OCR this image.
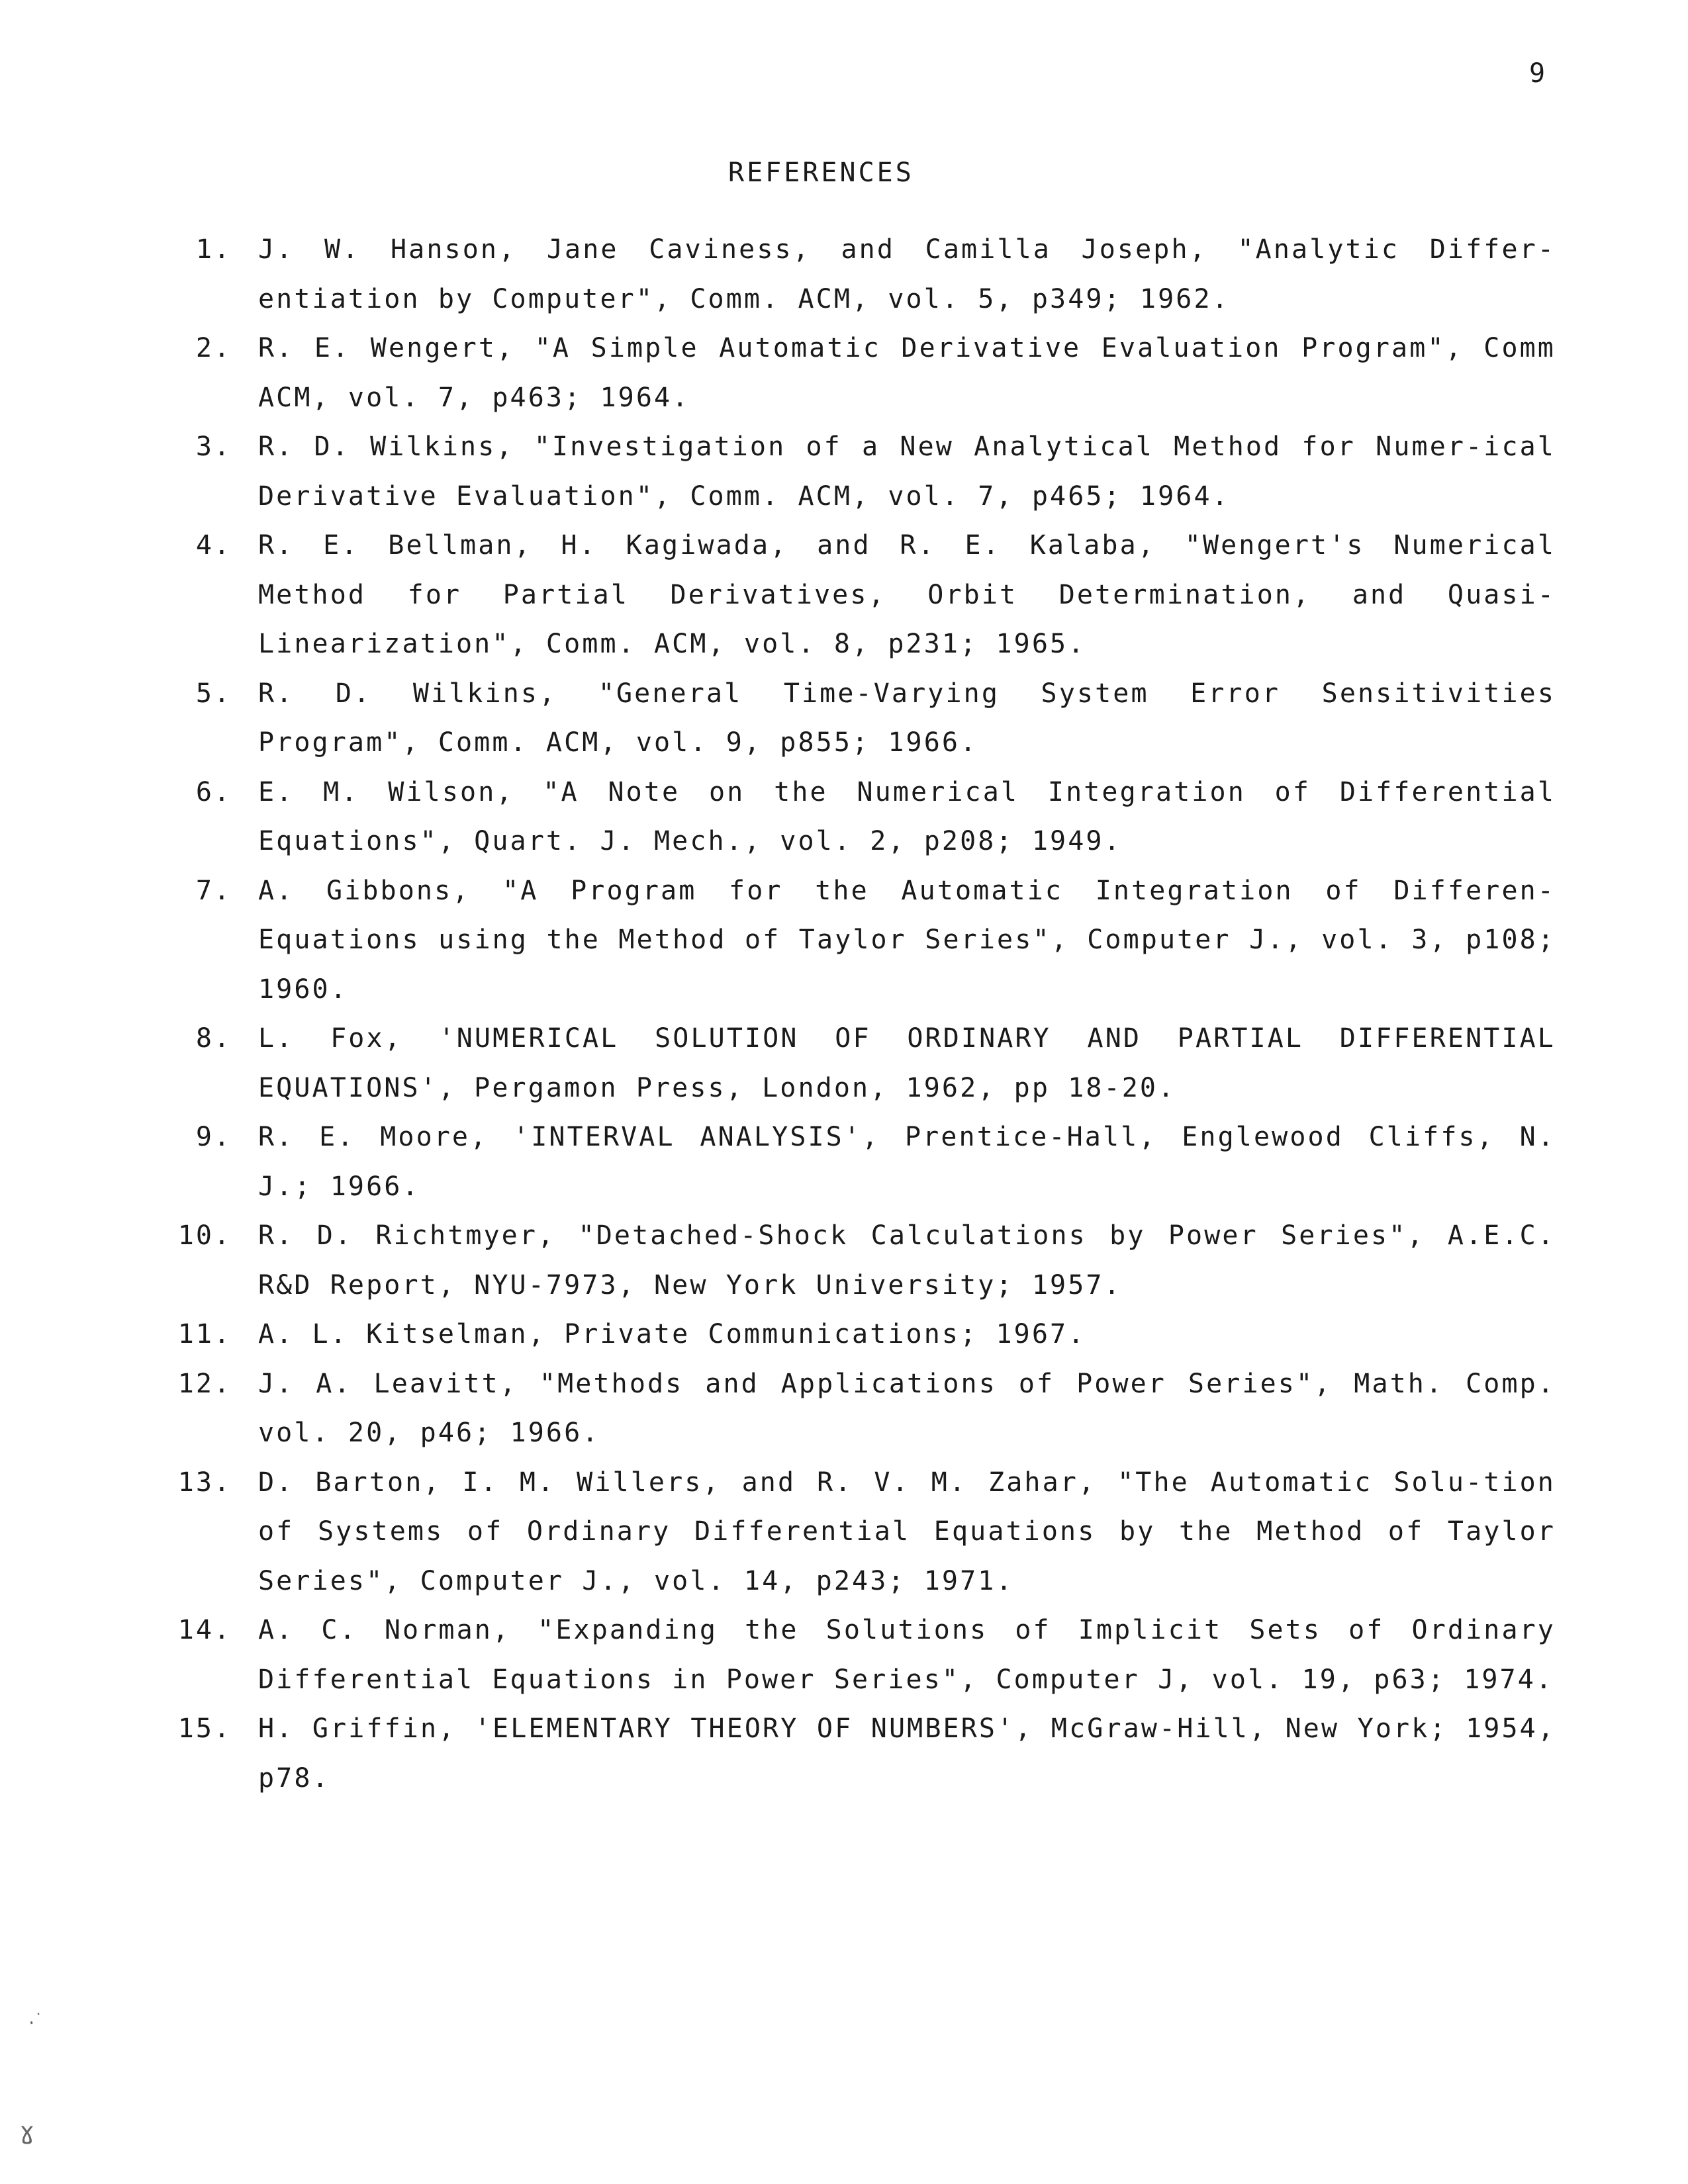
9
REFERENCES
1. J. W. Hanson, Jane Caviness, and Camilla Joseph, "Analytic Differ-entiation by Computer", Comm. ACM, vol. 5, p349; 1962.
2. R. E. Wengert, "A Simple Automatic Derivative Evaluation Program", Comm ACM, vol. 7, p463; 1964.
3. R. D. Wilkins, "Investigation of a New Analytical Method for Numer-ical Derivative Evaluation", Comm. ACM, vol. 7, p465; 1964.
4. R. E. Bellman, H. Kagiwada, and R. E. Kalaba, "Wengert's Numerical Method for Partial Derivatives, Orbit Determination, and Quasi-Linearization", Comm. ACM, vol. 8, p231; 1965.
5. R. D. Wilkins, "General Time-Varying System Error Sensitivities Program", Comm. ACM, vol. 9, p855; 1966.
6. E. M. Wilson, "A Note on the Numerical Integration of Differential Equations", Quart. J. Mech., vol. 2, p208; 1949.
7. A. Gibbons, "A Program for the Automatic Integration of Differen-Equations using the Method of Taylor Series", Computer J., vol. 3, p108; 1960.
8. L. Fox, 'NUMERICAL SOLUTION OF ORDINARY AND PARTIAL DIFFERENTIAL EQUATIONS', Pergamon Press, London, 1962, pp 18-20.
9. R. E. Moore, 'INTERVAL ANALYSIS', Prentice-Hall, Englewood Cliffs, N. J.; 1966.
10. R. D. Richtmyer, "Detached-Shock Calculations by Power Series", A.E.C. R&D Report, NYU-7973, New York University; 1957.
11. A. L. Kitselman, Private Communications; 1967.
12. J. A. Leavitt, "Methods and Applications of Power Series", Math. Comp. vol. 20, p46; 1966.
13. D. Barton, I. M. Willers, and R. V. M. Zahar, "The Automatic Solu-tion of Systems of Ordinary Differential Equations by the Method of Taylor Series", Computer J., vol. 14, p243; 1971.
14. A. C. Norman, "Expanding the Solutions of Implicit Sets of Ordinary Differential Equations in Power Series", Computer J, vol. 19, p63; 1974.
15. H. Griffin, 'ELEMENTARY THEORY OF NUMBERS', McGraw-Hill, New York; 1954, p78.
·˙
ɣ
